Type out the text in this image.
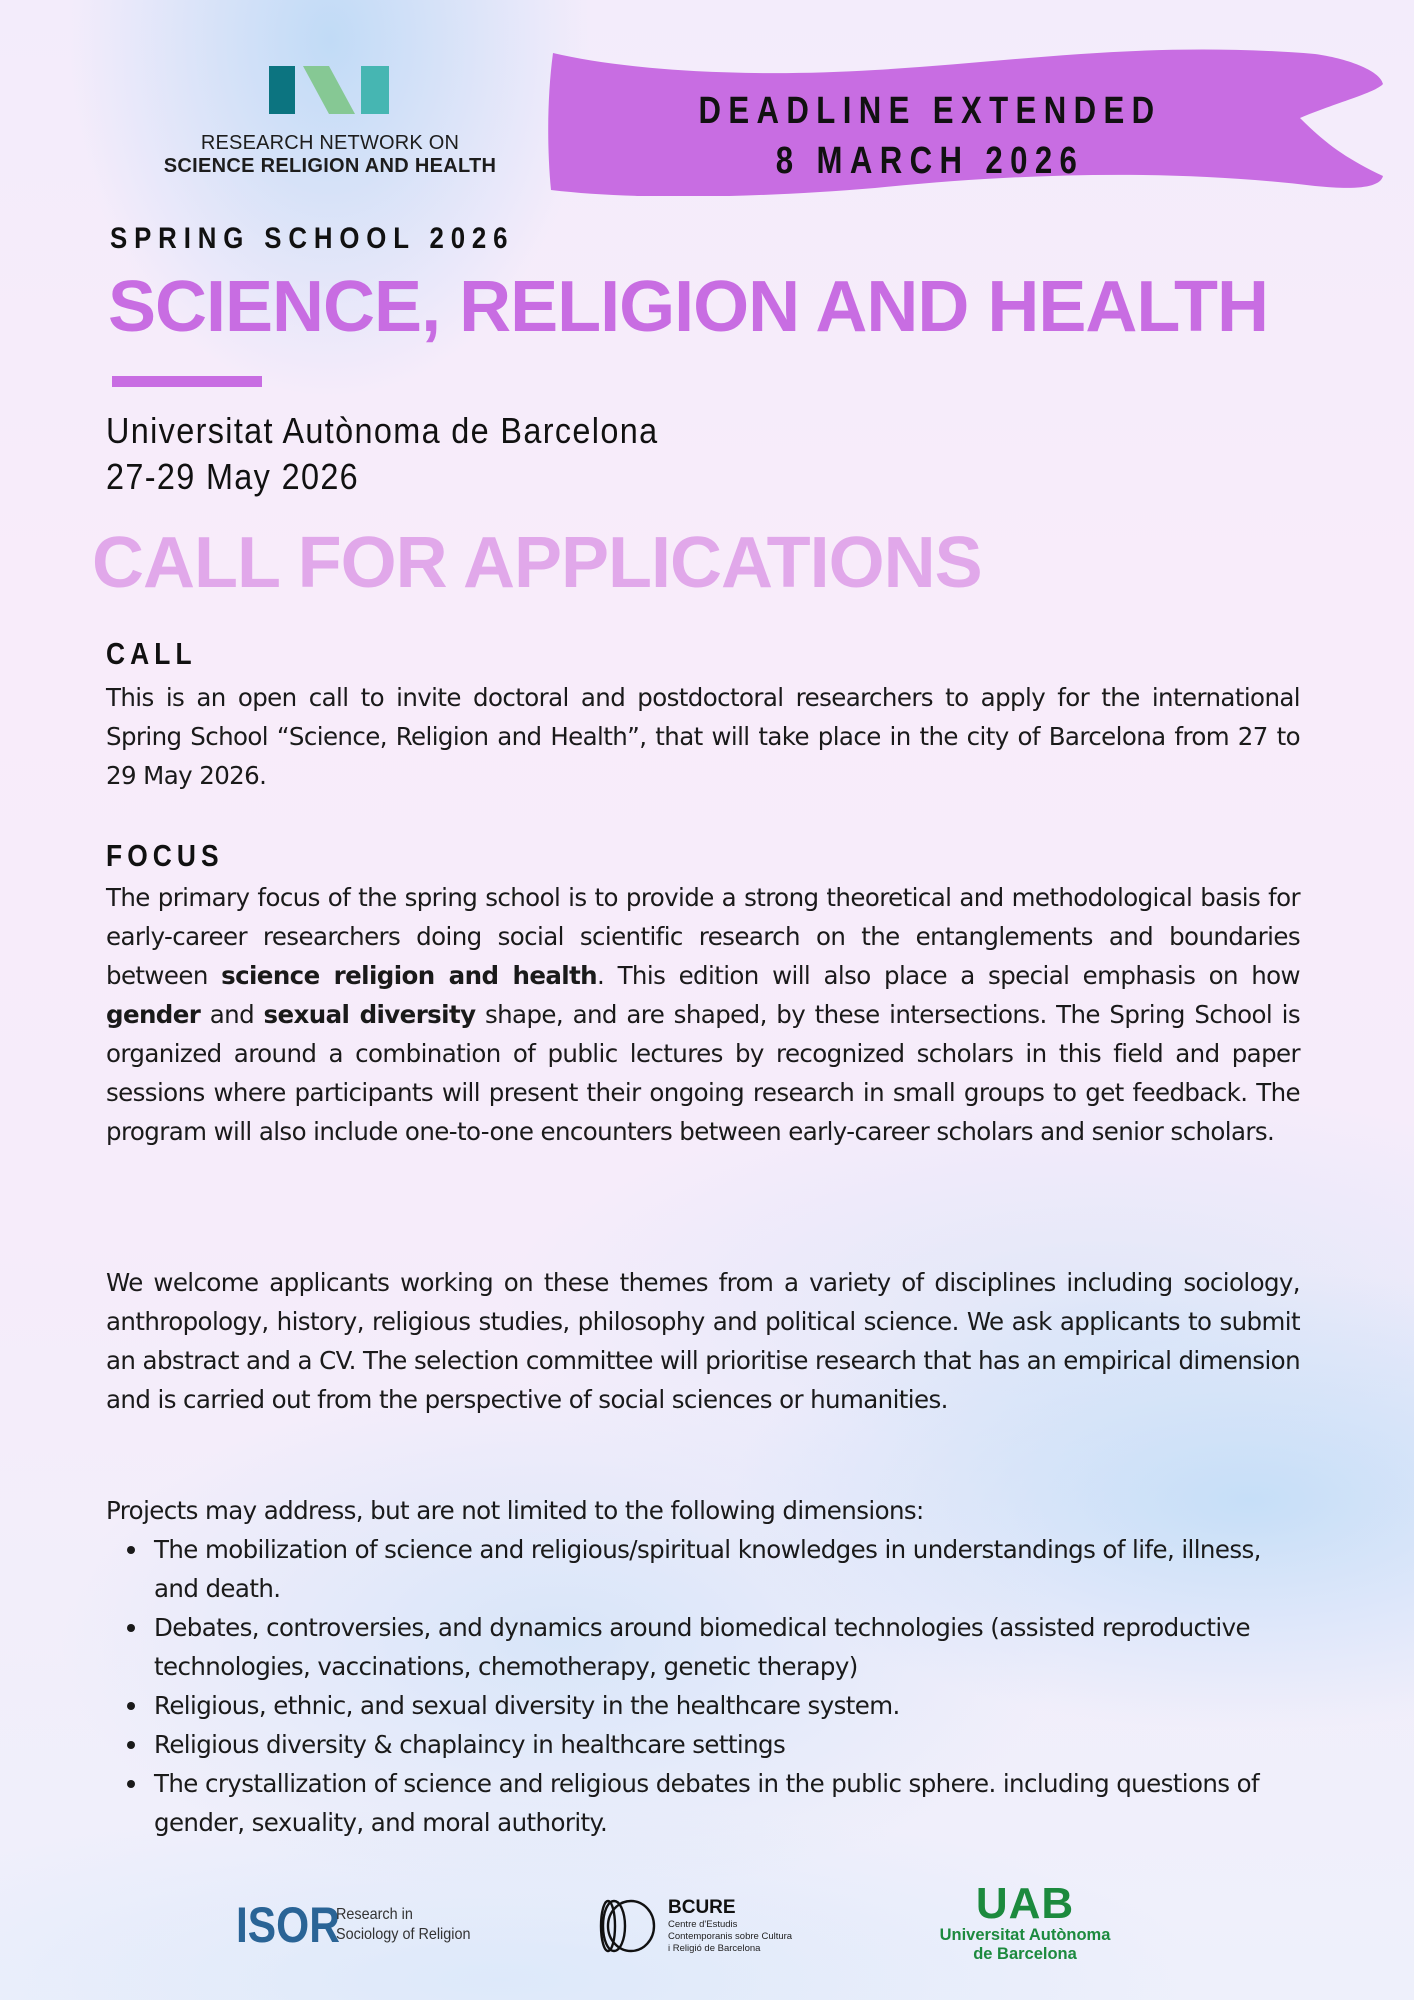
RESEARCH NETWORK ON
SCIENCE RELIGION AND HEALTH
DEADLINE EXTENDED
8 MARCH 2026
SPRING SCHOOL 2026
SCIENCE, RELIGION AND HEALTH
Universitat Autònoma de Barcelona
27-29 May 2026
CALL FOR APPLICATIONS
CALL
This is an open call to invite doctoral and postdoctoral researchers to apply for the international Spring School “Science, Religion and Health”, that will take place in the city of Barcelona from 27 to 29 May 2026.
FOCUS
The primary focus of the spring school is to provide a strong theoretical and methodological basis for early-career researchers doing social scientific research on the entanglements and boundaries between science religion and health. This edition will also place a special emphasis on how gender and sexual diversity shape, and are shaped, by these intersections. The Spring School is organized around a combination of public lectures by recognized scholars in this field and paper sessions where participants will present their ongoing research in small groups to get feedback. The program will also include one-to-one encounters between early-career scholars and senior scholars.
We welcome applicants working on these themes from a variety of disciplines including sociology, anthropology, history, religious studies, philosophy and political science. We ask applicants to submit an abstract and a CV. The selection committee will prioritise research that has an empirical dimension and is carried out from the perspective of social sciences or humanities.
Projects may address, but are not limited to the following dimensions:
The mobilization of science and religious/spiritual knowledges in understandings of life, illness, and death.
Debates, controversies, and dynamics around biomedical technologies (assisted reproductive technologies, vaccinations, chemotherapy, genetic therapy)
Religious, ethnic, and sexual diversity in the healthcare system.
Religious diversity & chaplaincy in healthcare settings
The crystallization of science and religious debates in the public sphere. including questions of gender, sexuality, and moral authority.
ISOR
Research in
Sociology of Religion
BCURE
Centre d'Estudis
Contemporanis sobre Cultura
i Religió de Barcelona
UAB
Universitat Autònoma
de Barcelona
